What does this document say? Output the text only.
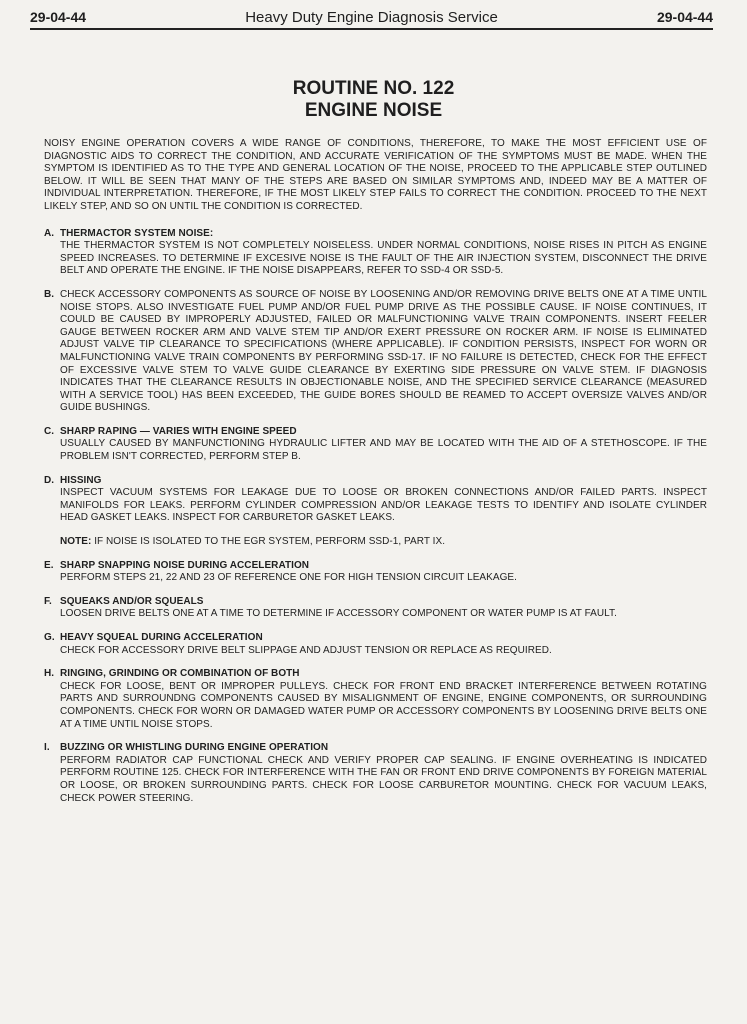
29-04-44	Heavy Duty Engine Diagnosis Service	29-04-44
ROUTINE NO. 122
ENGINE NOISE

NOISY ENGINE OPERATION COVERS A WIDE RANGE OF CONDITIONS, THEREFORE, TO MAKE THE MOST EFFICIENT USE OF DIAGNOSTIC AIDS TO CORRECT THE CONDITION, AND ACCURATE VERIFICATION OF THE SYMPTOMS MUST BE MADE. WHEN THE SYMPTOM IS IDENTIFIED AS TO THE TYPE AND GENERAL LOCATION OF THE NOISE, PROCEED TO THE APPLICABLE STEP OUTLINED BELOW. IT WILL BE SEEN THAT MANY OF THE STEPS ARE BASED ON SIMILAR SYMPTOMS AND, INDEED MAY BE A MATTER OF INDIVIDUAL INTERPRETATION. THEREFORE, IF THE MOST LIKELY STEP FAILS TO CORRECT THE CONDITION. PROCEED TO THE NEXT LIKELY STEP, AND SO ON UNTIL THE CONDITION IS CORRECTED.

A. THERMACTOR SYSTEM NOISE:
THE THERMACTOR SYSTEM IS NOT COMPLETELY NOISELESS. UNDER NORMAL CONDITIONS, NOISE RISES IN PITCH AS ENGINE SPEED INCREASES. TO DETERMINE IF EXCESIVE NOISE IS THE FAULT OF THE AIR INJECTION SYSTEM, DISCONNECT THE DRIVE BELT AND OPERATE THE ENGINE. IF THE NOISE DISAPPEARS, REFER TO SSD-4 OR SSD-5.
B. CHECK ACCESSORY COMPONENTS AS SOURCE OF NOISE BY LOOSENING AND/OR REMOVING DRIVE BELTS ONE AT A TIME UNTIL NOISE STOPS. ALSO INVESTIGATE FUEL PUMP AND/OR FUEL PUMP DRIVE AS THE POSSIBLE CAUSE. IF NOISE CONTINUES, IT COULD BE CAUSED BY IMPROPERLY ADJUSTED, FAILED OR MALFUNCTIONING VALVE TRAIN COMPONENTS. INSERT FEELER GAUGE BETWEEN ROCKER ARM AND VALVE STEM TIP AND/OR EXERT PRESSURE ON ROCKER ARM. IF NOISE IS ELIMINATED ADJUST VALVE TIP CLEARANCE TO SPECIFICATIONS (WHERE APPLICABLE). IF CONDITION PERSISTS, INSPECT FOR WORN OR MALFUNCTIONING VALVE TRAIN COMPONENTS BY PERFORMING SSD-17. IF NO FAILURE IS DETECTED, CHECK FOR THE EFFECT OF EXCESSIVE VALVE STEM TO VALVE GUIDE CLEARANCE BY EXERTING SIDE PRESSURE ON VALVE STEM. IF DIAGNOSIS INDICATES THAT THE CLEARANCE RESULTS IN OBJECTIONABLE NOISE, AND THE SPECIFIED SERVICE CLEARANCE (MEASURED WITH A SERVICE TOOL) HAS BEEN EXCEEDED, THE GUIDE BORES SHOULD BE REAMED TO ACCEPT OVERSIZE VALVES AND/OR GUIDE BUSHINGS.
C. SHARP RAPING — VARIES WITH ENGINE SPEED
USUALLY CAUSED BY MANFUNCTIONING HYDRAULIC LIFTER AND MAY BE LOCATED WITH THE AID OF A STETHOSCOPE. IF THE PROBLEM ISN'T CORRECTED, PERFORM STEP B.
D. HISSING
INSPECT VACUUM SYSTEMS FOR LEAKAGE DUE TO LOOSE OR BROKEN CONNECTIONS AND/OR FAILED PARTS. INSPECT MANIFOLDS FOR LEAKS. PERFORM CYLINDER COMPRESSION AND/OR LEAKAGE TESTS TO IDENTIFY AND ISOLATE CYLINDER HEAD GASKET LEAKS. INSPECT FOR CARBURETOR GASKET LEAKS.
NOTE: IF NOISE IS ISOLATED TO THE EGR SYSTEM, PERFORM SSD-1, PART IX.
E. SHARP SNAPPING NOISE DURING ACCELERATION
PERFORM STEPS 21, 22 AND 23 OF REFERENCE ONE FOR HIGH TENSION CIRCUIT LEAKAGE.
F. SQUEAKS AND/OR SQUEALS
LOOSEN DRIVE BELTS ONE AT A TIME TO DETERMINE IF ACCESSORY COMPONENT OR WATER PUMP IS AT FAULT.
G. HEAVY SQUEAL DURING ACCELERATION
CHECK FOR ACCESSORY DRIVE BELT SLIPPAGE AND ADJUST TENSION OR REPLACE AS REQUIRED.
H. RINGING, GRINDING OR COMBINATION OF BOTH
CHECK FOR LOOSE, BENT OR IMPROPER PULLEYS. CHECK FOR FRONT END BRACKET INTERFERENCE BETWEEN ROTATING PARTS AND SURROUNDNG COMPONENTS CAUSED BY MISALIGNMENT OF ENGINE, ENGINE COMPONENTS, OR SURROUNDING COMPONENTS. CHECK FOR WORN OR DAMAGED WATER PUMP OR ACCESSORY COMPONENTS BY LOOSENING DRIVE BELTS ONE AT A TIME UNTIL NOISE STOPS.
I.	BUZZING OR WHISTLING DURING ENGINE OPERATION
PERFORM RADIATOR CAP FUNCTIONAL CHECK AND VERIFY PROPER CAP SEALING. IF ENGINE OVERHEATING IS INDICATED PERFORM ROUTINE 125. CHECK FOR INTERFERENCE WITH THE FAN OR FRONT END DRIVE COMPONENTS BY FOREIGN MATERIAL OR LOOSE, OR BROKEN SURROUNDING PARTS. CHECK FOR LOOSE CARBURETOR MOUNTING. CHECK FOR VACUUM LEAKS, CHECK POWER STEERING.
